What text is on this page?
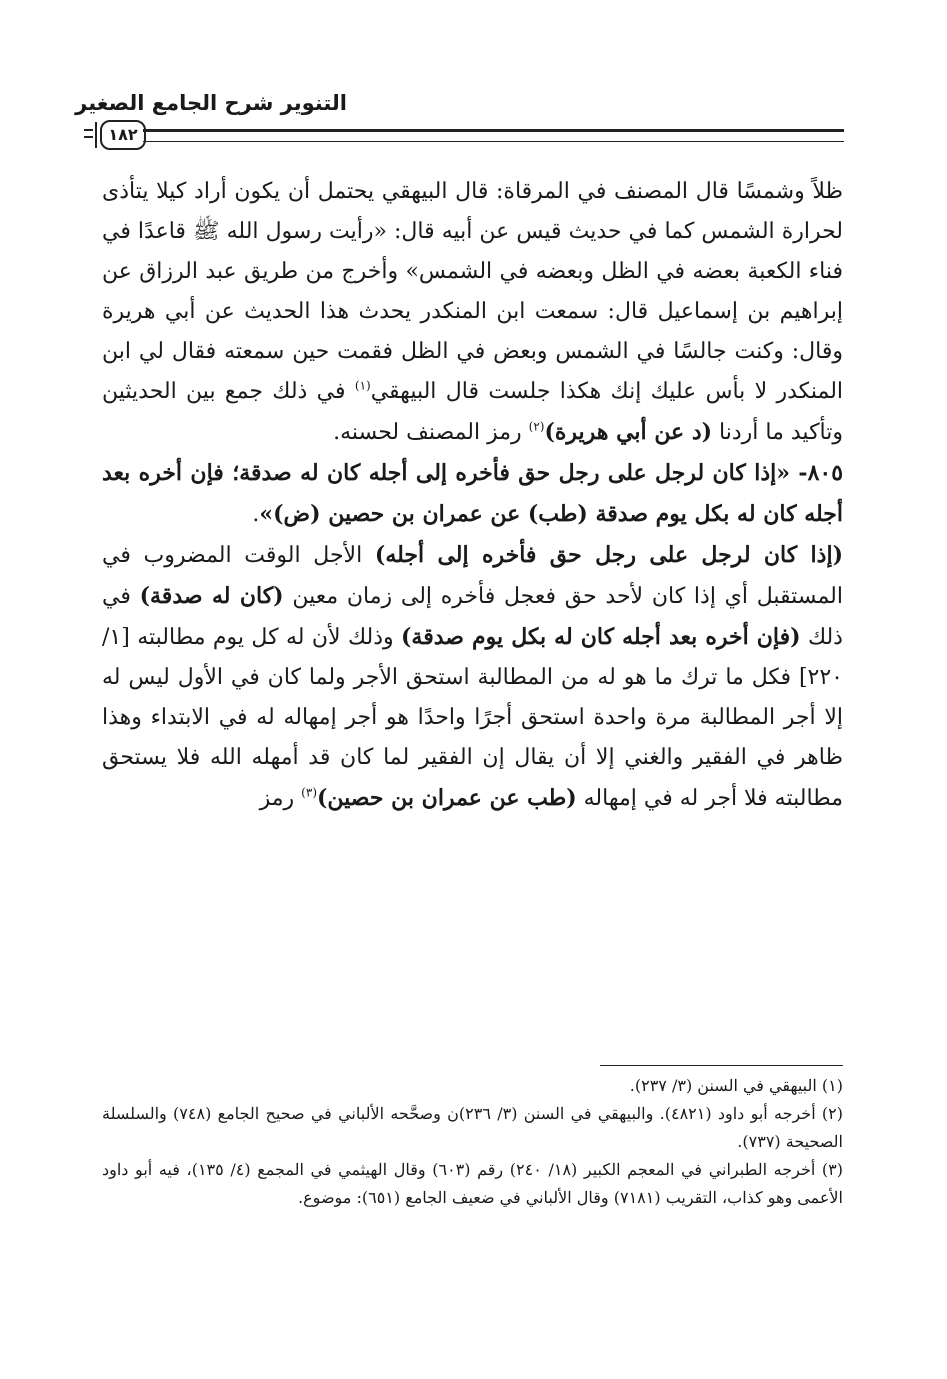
التنوير شرح الجامع الصغير
١٨٢

ظلاً وشمسًا قال المصنف في المرقاة: قال البيهقي يحتمل أن يكون أراد كيلا يتأذى لحرارة الشمس كما في حديث قيس عن أبيه قال: «رأيت رسول الله ﷺ قاعدًا في فناء الكعبة بعضه في الظل وبعضه في الشمس» وأخرج من طريق عبد الرزاق عن إبراهيم بن إسماعيل قال: سمعت ابن المنكدر يحدث هذا الحديث عن أبي هريرة وقال: وكنت جالسًا في الشمس وبعض في الظل فقمت حين سمعته فقال لي ابن المنكدر لا بأس عليك إنك هكذا جلست قال البيهقي$^{(١)}$ في ذلك جمع بين الحديثين وتأكيد ما أردنا (د عن أبي هريرة)$^{(٢)}$ رمز المصنف لحسنه.

٨٠٥- «إذا كان لرجل على رجل حق فأخره إلى أجله كان له صدقة؛ فإن أخره بعد أجله كان له بكل يوم صدقة (طب) عن عمران بن حصين (ض)».

(إذا كان لرجل على رجل حق فأخره إلى أجله) الأجل الوقت المضروب في المستقبل أي إذا كان لأحد حق فعجل فأخره إلى زمان معين (كان له صدقة) في ذلك (فإن أخره بعد أجله كان له بكل يوم صدقة) وذلك لأن له كل يوم مطالبته [١/ ٢٢٠] فكل ما ترك ما هو له من المطالبة استحق الأجر ولما كان في الأول ليس له إلا أجر المطالبة مرة واحدة استحق أجرًا واحدًا هو أجر إمهاله له في الابتداء وهذا ظاهر في الفقير والغني إلا أن يقال إن الفقير لما كان قد أمهله الله فلا يستحق مطالبته فلا أجر له في إمهاله (طب عن عمران بن حصين)$^{(٣)}$ رمز

(١) البيهقي في السنن (٣/ ٢٣٧).

(٢) أخرجه أبو داود (٤٨٢١). والبيهقي في السنن (٣/ ٢٣٦)ن وصحَّحه الألباني في صحيح الجامع (٧٤٨) والسلسلة الصحيحة (٧٣٧).

(٣) أخرجه الطبراني في المعجم الكبير (١٨/ ٢٤٠) رقم (٦٠٣) وقال الهيثمي في المجمع (٤/ ١٣٥)، فيه أبو داود الأعمى وهو كذاب، التقريب (٧١٨١) وقال الألباني في ضعيف الجامع (٦٥١): موضوع.
